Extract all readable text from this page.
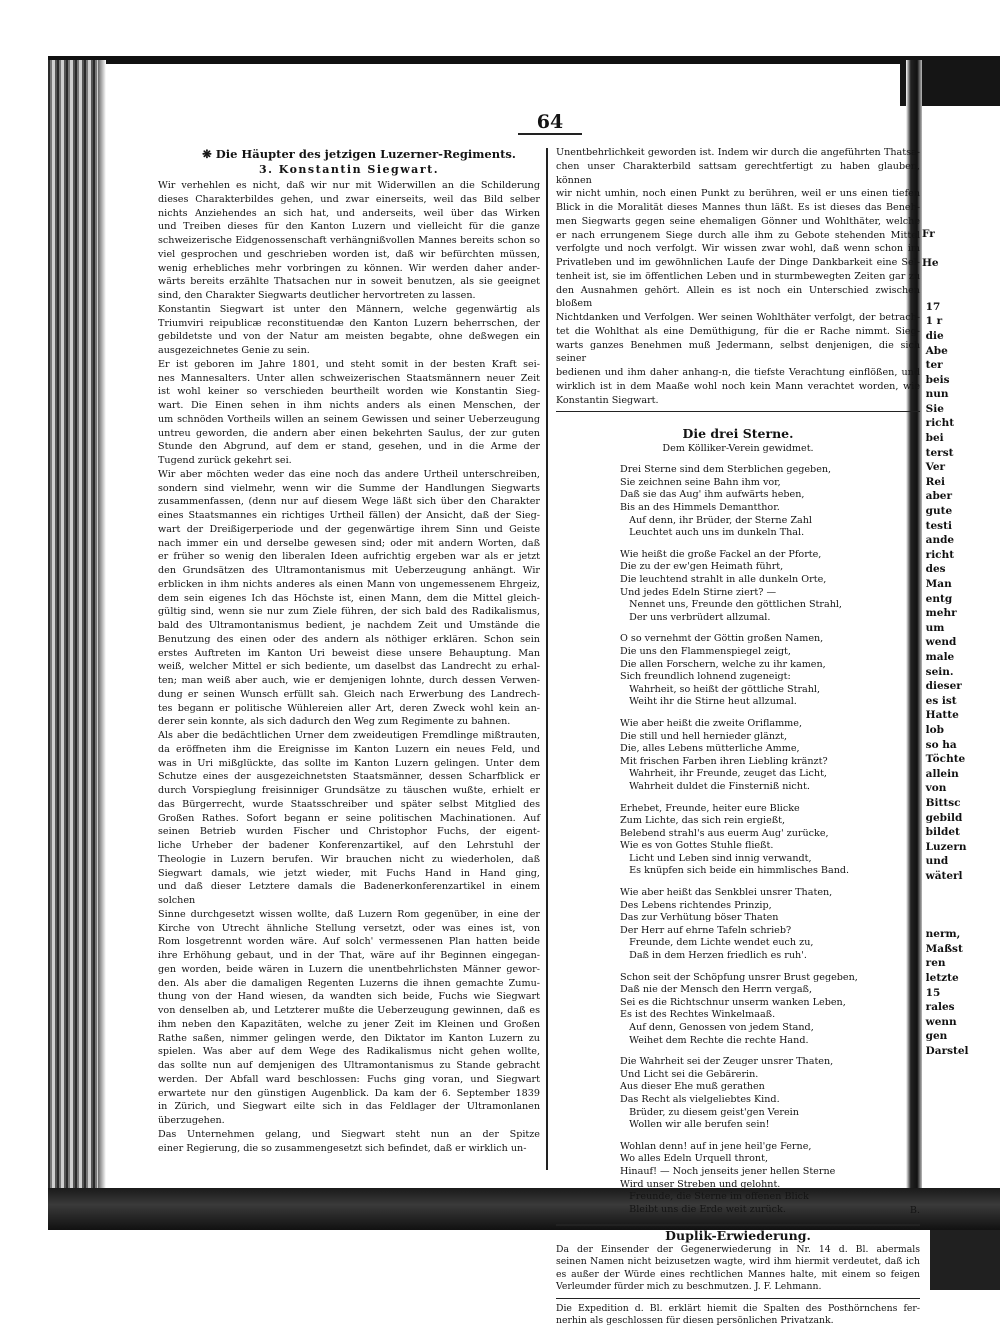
Fr

He

17
1 r
die
Abe
ter
beis
nun
Sie
richt
bei
terst
Ver
Rei
aber
gute
testi
ande
richt
des
Man
entg
mehr
um
wend
male
sein.
dieser
es ist
Hatte
lob
so ha
Töchte
allein
von
Bittsc
gebild
bildet
Luzern
und
wäterl

nerm,
Maßst
ren
letzte
15
rales
wenn
gen
Darstel
64
❋ Die Häupter des jetzigen Luzerner-Regiments.
3. Konstantin Siegwart.
Wir verhehlen es nicht, daß wir nur mit Widerwillen an die Schilderung
dieses Charakterbildes gehen, und zwar einerseits, weil das Bild selber
nichts Anziehendes an sich hat, und anderseits, weil über das Wirken
und Treiben dieses für den Kanton Luzern und vielleicht für die ganze
schweizerische Eidgenossenschaft verhängnißvollen Mannes bereits schon so
viel gesprochen und geschrieben worden ist, daß wir befürchten müssen,
wenig erhebliches mehr vorbringen zu können. Wir werden daher ander-
wärts bereits erzählte Thatsachen nur in soweit benutzen, als sie geeignet
sind, den Charakter Siegwarts deutlicher hervortreten zu lassen.
Konstantin Siegwart ist unter den Männern, welche gegenwärtig als
Triumviri reipublicæ reconstituendæ den Kanton Luzern beherrschen, der
gebildetste und von der Natur am meisten begabte, ohne deßwegen ein
ausgezeichnetes Genie zu sein.
Er ist geboren im Jahre 1801, und steht somit in der besten Kraft sei-
nes Mannesalters. Unter allen schweizerischen Staatsmännern neuer Zeit
ist wohl keiner so verschieden beurtheilt worden wie Konstantin Sieg-
wart. Die Einen sehen in ihm nichts anders als einen Menschen, der
um schnöden Vortheils willen an seinem Gewissen und seiner Ueberzeugung
untreu geworden, die andern aber einen bekehrten Saulus, der zur guten
Stunde den Abgrund, auf dem er stand, gesehen, und in die Arme der
Tugend zurück gekehrt sei.
Wir aber möchten weder das eine noch das andere Urtheil unterschreiben,
sondern sind vielmehr, wenn wir die Summe der Handlungen Siegwarts
zusammenfassen, (denn nur auf diesem Wege läßt sich über den Charakter
eines Staatsmannes ein richtiges Urtheil fällen) der Ansicht, daß der Sieg-
wart der Dreißigerperiode und der gegenwärtige ihrem Sinn und Geiste
nach immer ein und derselbe gewesen sind; oder mit andern Worten, daß
er früher so wenig den liberalen Ideen aufrichtig ergeben war als er jetzt
den Grundsätzen des Ultramontanismus mit Ueberzeugung anhängt. Wir
erblicken in ihm nichts anderes als einen Mann von ungemessenem Ehrgeiz,
dem sein eigenes Ich das Höchste ist, einen Mann, dem die Mittel gleich-
gültig sind, wenn sie nur zum Ziele führen, der sich bald des Radikalismus,
bald des Ultramontanismus bedient, je nachdem Zeit und Umstände die
Benutzung des einen oder des andern als nöthiger erklären. Schon sein
erstes Auftreten im Kanton Uri beweist diese unsere Behauptung. Man
weiß, welcher Mittel er sich bediente, um daselbst das Landrecht zu erhal-
ten; man weiß aber auch, wie er demjenigen lohnte, durch dessen Verwen-
dung er seinen Wunsch erfüllt sah. Gleich nach Erwerbung des Landrech-
tes begann er politische Wühlereien aller Art, deren Zweck wohl kein an-
derer sein konnte, als sich dadurch den Weg zum Regimente zu bahnen.
Als aber die bedächtlichen Urner dem zweideutigen Fremdlinge mißtrauten,
da eröffneten ihm die Ereignisse im Kanton Luzern ein neues Feld, und
was in Uri mißglückte, das sollte im Kanton Luzern gelingen. Unter dem
Schutze eines der ausgezeichnetsten Staatsmänner, dessen Scharfblick er
durch Vorspieglung freisinniger Grundsätze zu täuschen wußte, erhielt er
das Bürgerrecht, wurde Staatsschreiber und später selbst Mitglied des
Großen Rathes. Sofort begann er seine politischen Machinationen. Auf
seinen Betrieb wurden Fischer und Christophor Fuchs, der eigent-
liche Urheber der badener Konferenzartikel, auf den Lehrstuhl der
Theologie in Luzern berufen. Wir brauchen nicht zu wiederholen, daß
Siegwart damals, wie jetzt wieder, mit Fuchs Hand in Hand ging,
und daß dieser Letztere damals die Badenerkonferenzartikel in einem solchen
Sinne durchgesetzt wissen wollte, daß Luzern Rom gegenüber, in eine der
Kirche von Utrecht ähnliche Stellung versetzt, oder was eines ist, von
Rom losgetrennt worden wäre. Auf solch' vermessenen Plan hatten beide
ihre Erhöhung gebaut, und in der That, wäre auf ihr Beginnen eingegan-
gen worden, beide wären in Luzern die unentbehrlichsten Männer gewor-
den. Als aber die damaligen Regenten Luzerns die ihnen gemachte Zumu-
thung von der Hand wiesen, da wandten sich beide, Fuchs wie Siegwart
von denselben ab, und Letzterer mußte die Ueberzeugung gewinnen, daß es
ihm neben den Kapazitäten, welche zu jener Zeit im Kleinen und Großen
Rathe saßen, nimmer gelingen werde, den Diktator im Kanton Luzern zu
spielen. Was aber auf dem Wege des Radikalismus nicht gehen wollte,
das sollte nun auf demjenigen des Ultramontanismus zu Stande gebracht
werden. Der Abfall ward beschlossen: Fuchs ging voran, und Siegwart
erwartete nur den günstigen Augenblick. Da kam der 6. September 1839
in Zürich, und Siegwart eilte sich in das Feldlager der Ultramonlanen
überzugehen.
Das Unternehmen gelang, und Siegwart steht nun an der Spitze
einer Regierung, die so zusammengesetzt sich befindet, daß er wirklich un-
Unentbehrlichkeit geworden ist. Indem wir durch die angeführten Thatsa-
chen unser Charakterbild sattsam gerechtfertigt zu haben glauben, können
wir nicht umhin, noch einen Punkt zu berühren, weil er uns einen tiefen
Blick in die Moralität dieses Mannes thun läßt. Es ist dieses das Beneh-
men Siegwarts gegen seine ehemaligen Gönner und Wohlthäter, welche
er nach errungenem Siege durch alle ihm zu Gebote stehenden Mittel
verfolgte und noch verfolgt. Wir wissen zwar wohl, daß wenn schon im
Privatleben und im gewöhnlichen Laufe der Dinge Dankbarkeit eine Sel-
tenheit ist, sie im öffentlichen Leben und in sturmbewegten Zeiten gar zu
den Ausnahmen gehört. Allein es ist noch ein Unterschied zwischen bloßem
Nichtdanken und Verfolgen. Wer seinen Wohlthäter verfolgt, der betrach-
tet die Wohlthat als eine Demüthigung, für die er Rache nimmt. Sieg-
warts ganzes Benehmen muß Jedermann, selbst denjenigen, die sich seiner
bedienen und ihm daher anhang-n, die tiefste Verachtung einflößen, und
wirklich ist in dem Maaße wohl noch kein Mann verachtet worden, wie
Konstantin Siegwart.
Die drei Sterne.
Dem Kölliker-Verein gewidmet.
Drei Sterne sind dem Sterblichen gegeben,
Sie zeichnen seine Bahn ihm vor,
Daß sie das Aug' ihm aufwärts heben,
Bis an des Himmels Demantthor.
Auf denn, ihr Brüder, der Sterne Zahl
Leuchtet auch uns im dunkeln Thal.
Wie heißt die große Fackel an der Pforte,
Die zu der ew'gen Heimath führt,
Die leuchtend strahlt in alle dunkeln Orte,
Und jedes Edeln Stirne ziert? —
Nennet uns, Freunde den göttlichen Strahl,
Der uns verbrüdert allzumal.
O so vernehmt der Göttin großen Namen,
Die uns den Flammenspiegel zeigt,
Die allen Forschern, welche zu ihr kamen,
Sich freundlich lohnend zugeneigt:
Wahrheit, so heißt der göttliche Strahl,
Weiht ihr die Stirne heut allzumal.
Wie aber heißt die zweite Oriflamme,
Die still und hell hernieder glänzt,
Die, alles Lebens mütterliche Amme,
Mit frischen Farben ihren Liebling kränzt?
Wahrheit, ihr Freunde, zeuget das Licht,
Wahrheit duldet die Finsterniß nicht.
Erhebet, Freunde, heiter eure Blicke
Zum Lichte, das sich rein ergießt,
Belebend strahl's aus euerm Aug' zurücke,
Wie es von Gottes Stuhle fließt.
Licht und Leben sind innig verwandt,
Es knüpfen sich beide ein himmlisches Band.
Wie aber heißt das Senkblei unsrer Thaten,
Des Lebens richtendes Prinzip,
Das zur Verhütung böser Thaten
Der Herr auf ehrne Tafeln schrieb?
Freunde, dem Lichte wendet euch zu,
Daß in dem Herzen friedlich es ruh'.
Schon seit der Schöpfung unsrer Brust gegeben,
Daß nie der Mensch den Herrn vergaß,
Sei es die Richtschnur unserm wanken Leben,
Es ist des Rechtes Winkelmaaß.
Auf denn, Genossen von jedem Stand,
Weihet dem Rechte die rechte Hand.
Die Wahrheit sei der Zeuger unsrer Thaten,
Und Licht sei die Gebärerin.
Aus dieser Ehe muß gerathen
Das Recht als vielgeliebtes Kind.
Brüder, zu diesem geist'gen Verein
Wollen wir alle berufen sein!
Wohlan denn! auf in jene heil'ge Ferne,
Wo alles Edeln Urquell thront,
Hinauf! — Noch jenseits jener hellen Sterne
Wird unser Streben und gelohnt.
Freunde, die Sterne im offenen Blick
Bleibt uns die Erde weit zurück.	B.
Duplik-Erwiederung.
Da der Einsender der Gegenerwiederung in Nr. 14 d. Bl. abermals
seinen Namen nicht beizusetzen wagte, wird ihm hiermit verdeutet, daß ich
es außer der Würde eines rechtlichen Mannes halte, mit einem so feigen
Verleumder fürder mich zu beschmutzen. J. F. Lehmann.
Die Expedition d. Bl. erklärt hiemit die Spalten des Posthörnchens fer-
nerhin als geschlossen für diesen persönlichen Privatzank.
